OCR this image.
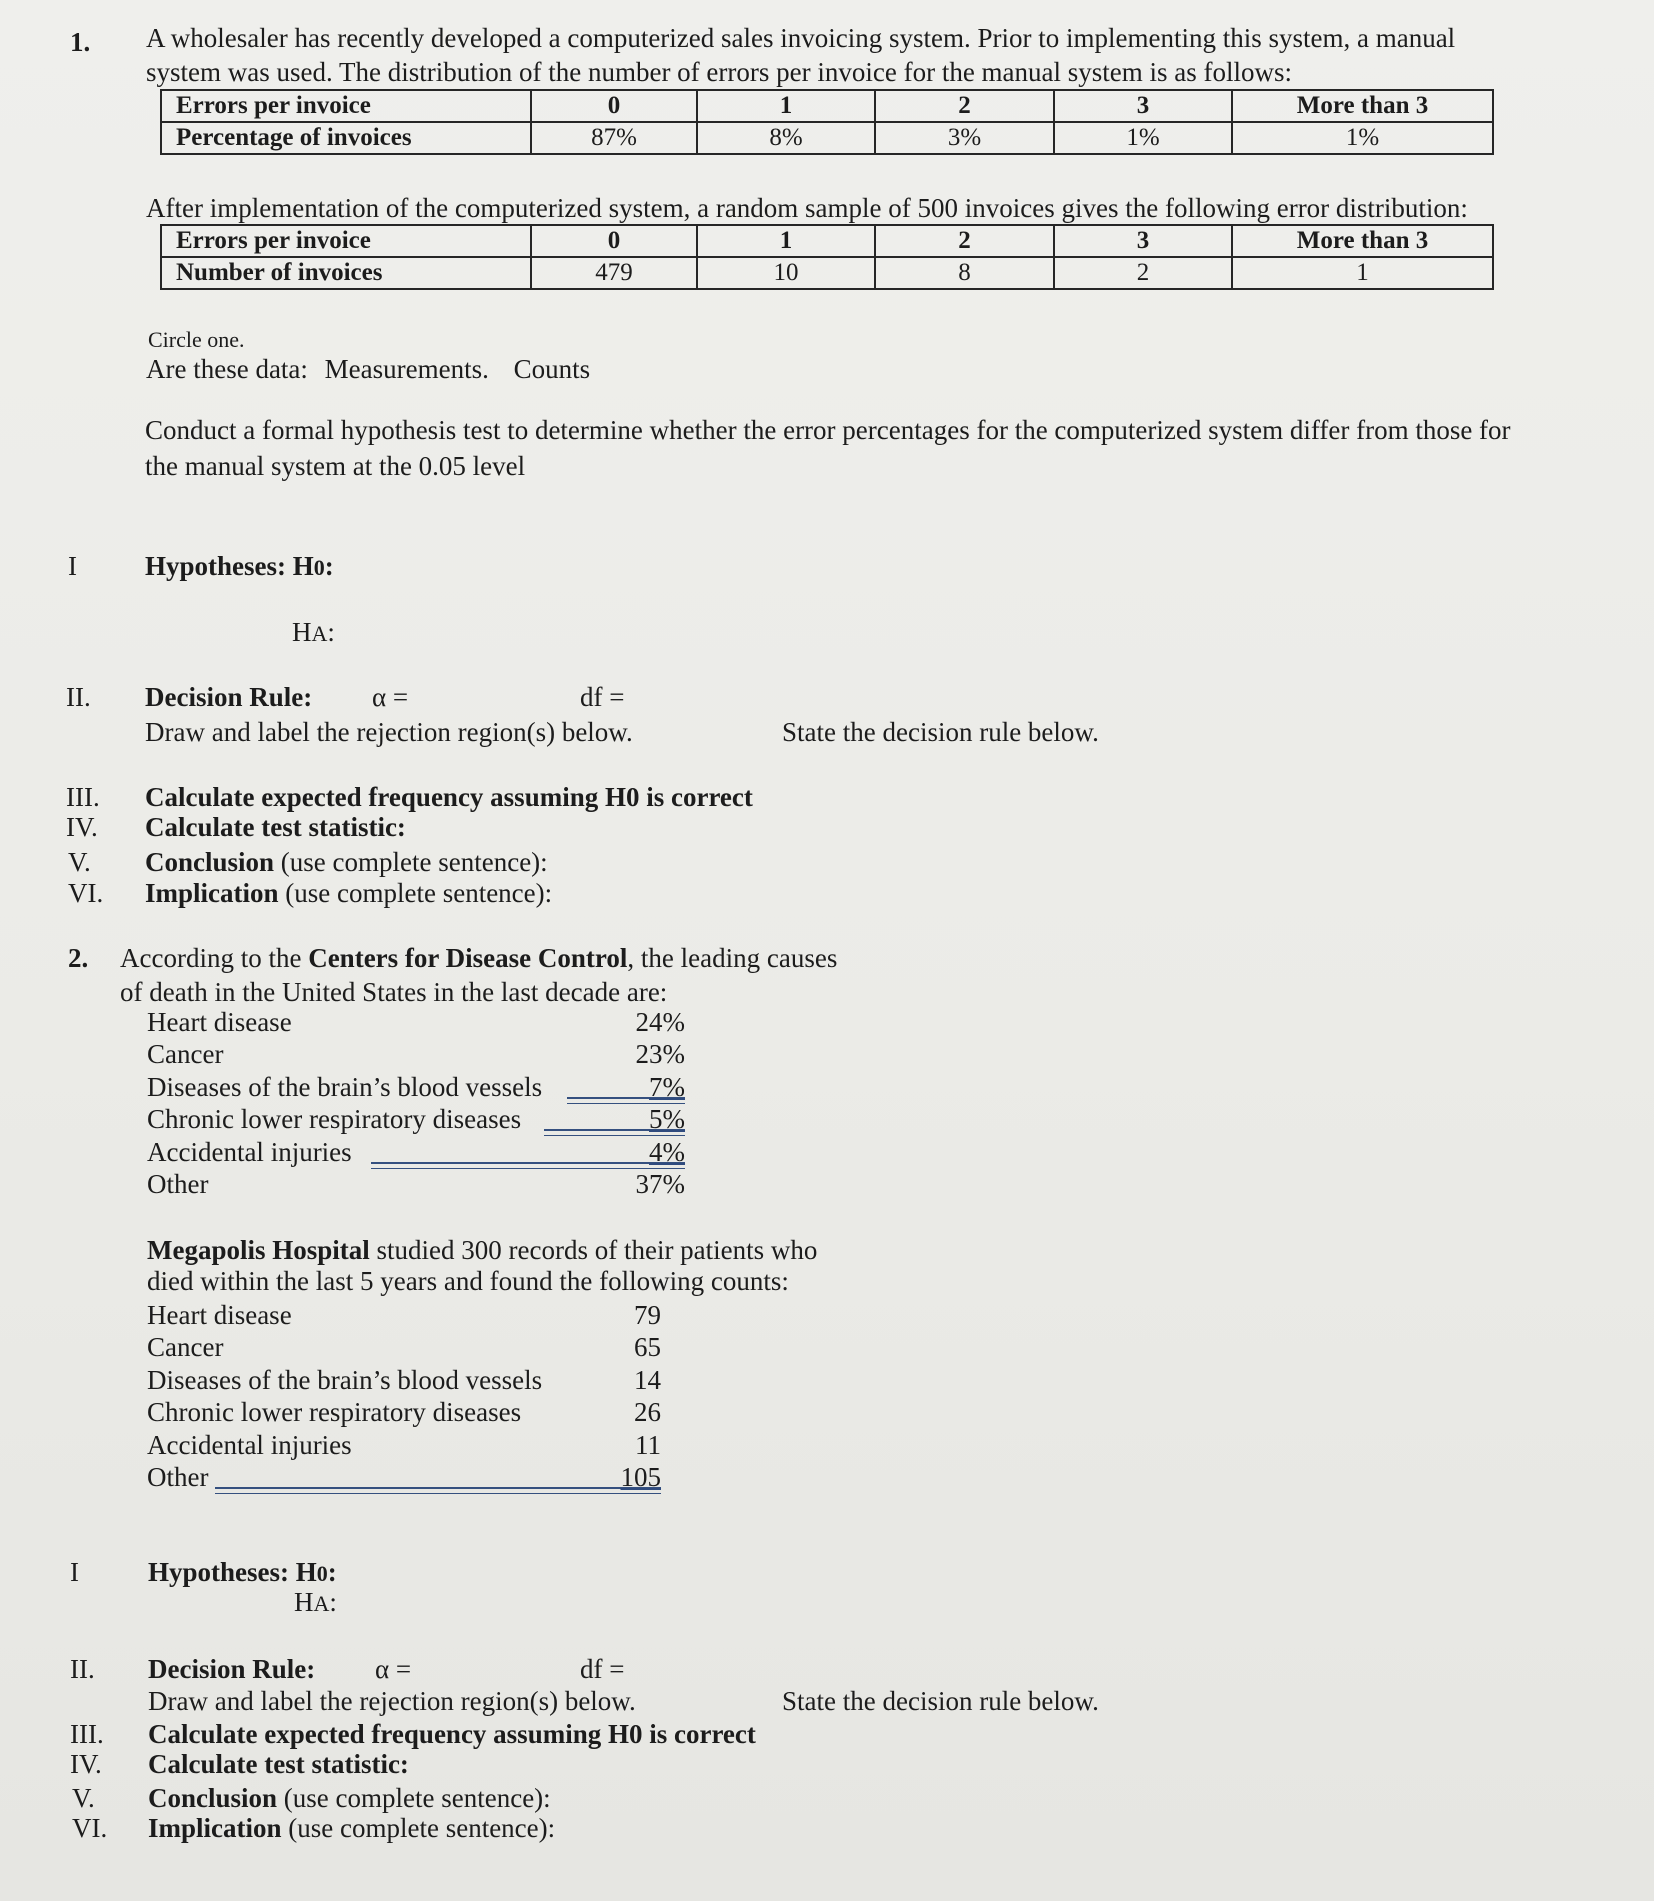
1. A wholesaler has recently developed a computerized sales invoicing system. Prior to implementing this system, a manual
system was used. The distribution of the number of errors per invoice for the manual system is as follows:
Errors per invoice	0	1	2	3	More than 3
Percentage of invoices	87%	8%	3%	1%	1%
After implementation of the computerized system, a random sample of 500 invoices gives the following error distribution:
Errors per invoice	0	1	2	3	More than 3
Number of invoices	479	10	8	2	1
Circle one.
Are these data: Measurements. Counts
Conduct a formal hypothesis test to determine whether the error percentages for the computerized system differ from those for
the manual system at the 0.05 level
I	Hypotheses: H0:
HA:
II. Decision Rule: α =	df =
Draw and label the rejection region(s) below.	State the decision rule below.
III. Calculate expected frequency assuming H0 is correct
IV. Calculate test statistic:
V. Conclusion (use complete sentence):
VI. Implication (use complete sentence):
2. According to the Centers for Disease Control, the leading causes
of death in the United States in the last decade are:
Heart disease	24%
Cancer	23%
Diseases of the brain’s blood vessels	7%
Chronic lower respiratory diseases	5%
Accidental injuries	4%
Other	37%
Megapolis Hospital studied 300 records of their patients who
died within the last 5 years and found the following counts:
Heart disease	79
Cancer	65
Diseases of the brain’s blood vessels	14
Chronic lower respiratory diseases	26
Accidental injuries	11
Other	105
I	Hypotheses: H0:
HA:
II. Decision Rule: α =	df =
Draw and label the rejection region(s) below.	State the decision rule below.
III. Calculate expected frequency assuming H0 is correct
IV. Calculate test statistic:
V. Conclusion (use complete sentence):
VI. Implication (use complete sentence):
